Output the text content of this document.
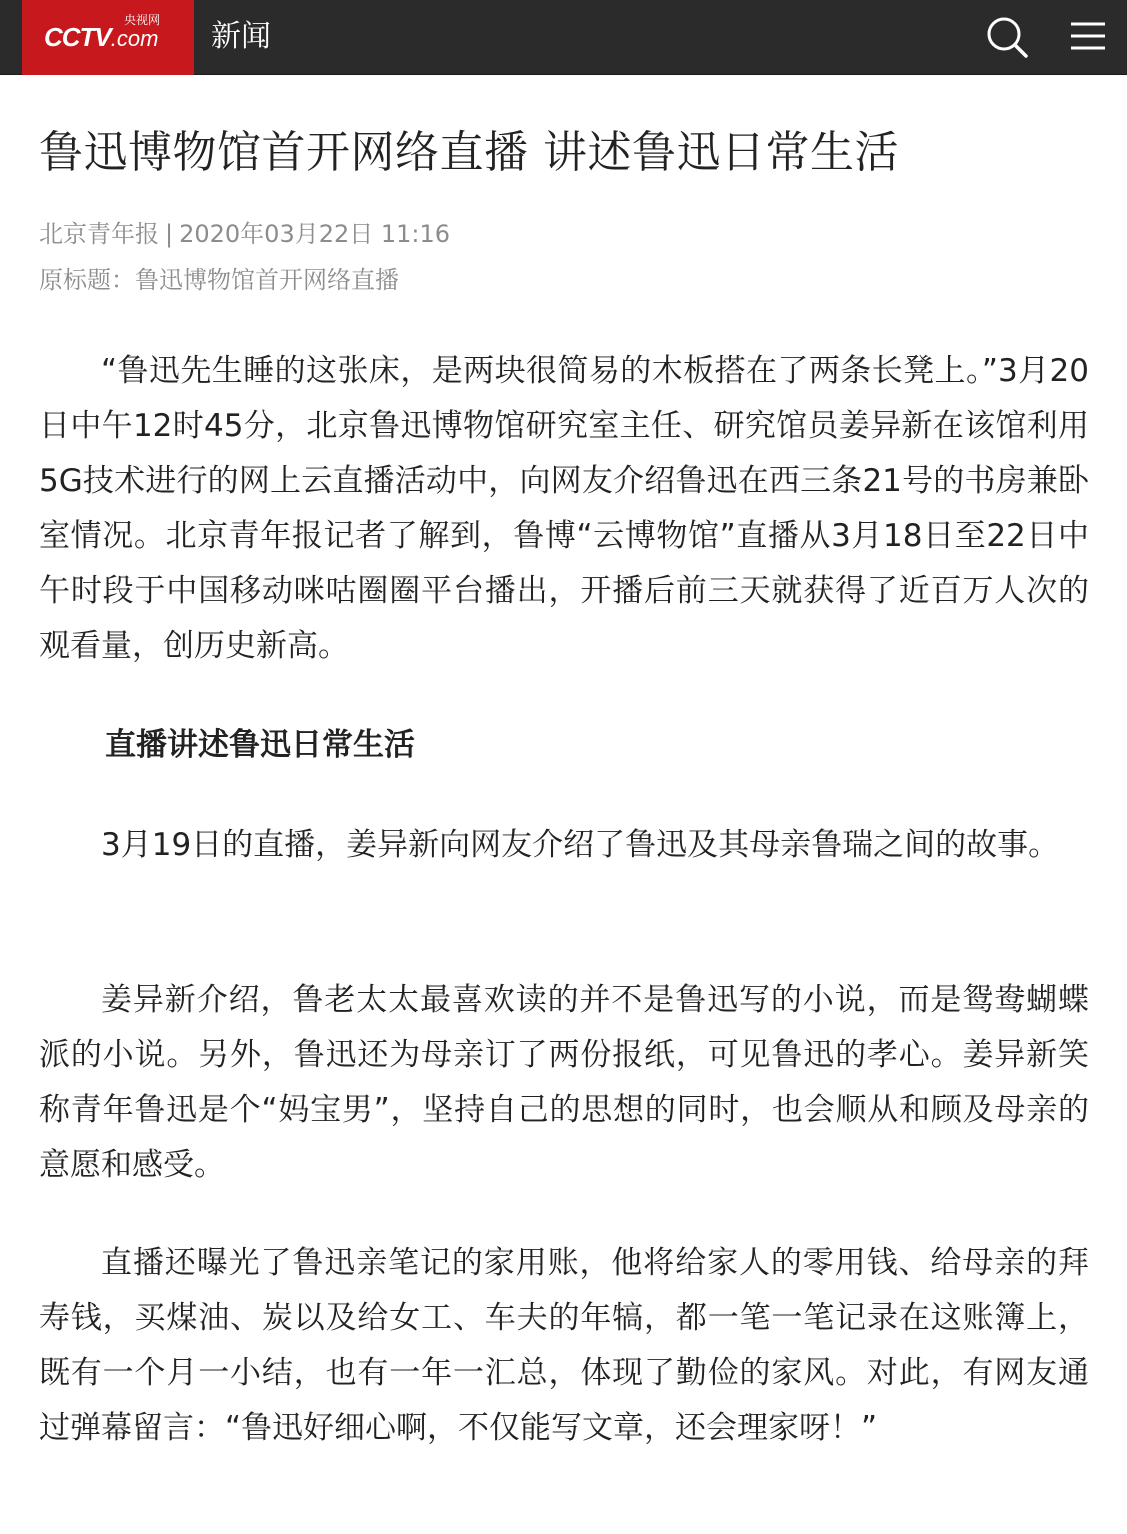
央视网
CCTV.com 新闻
鲁迅博物馆首开网络直播 讲述鲁迅日常生活
北京青年报 | 2020年03月22日 11:16
原标题：鲁迅博物馆首开网络直播

“鲁迅先生睡的这张床，是两块很简易的木板搭在了两条长凳上。”3月20日中午12时45分，北京鲁迅博物馆研究室主任、研究馆员姜异新在该馆利用5G技术进行的网上云直播活动中，向网友介绍鲁迅在西三条21号的书房兼卧室情况。北京青年报记者了解到，鲁博“云博物馆”直播从3月18日至22日中午时段于中国移动咪咕圈圈平台播出，开播后前三天就获得了近百万人次的观看量，创历史新高。

直播讲述鲁迅日常生活

3月19日的直播，姜异新向网友介绍了鲁迅及其母亲鲁瑞之间的故事。

姜异新介绍，鲁老太太最喜欢读的并不是鲁迅写的小说，而是鸳鸯蝴蝶派的小说。另外，鲁迅还为母亲订了两份报纸，可见鲁迅的孝心。姜异新笑称青年鲁迅是个“妈宝男”，坚持自己的思想的同时，也会顺从和顾及母亲的意愿和感受。

直播还曝光了鲁迅亲笔记的家用账，他将给家人的零用钱、给母亲的拜寿钱，买煤油、炭以及给女工、车夫的年犒，都一笔一笔记录在这账簿上，既有一个月一小结，也有一年一汇总，体现了勤俭的家风。对此，有网友通过弹幕留言：“鲁迅好细心啊，不仅能写文章，还会理家呀！”
